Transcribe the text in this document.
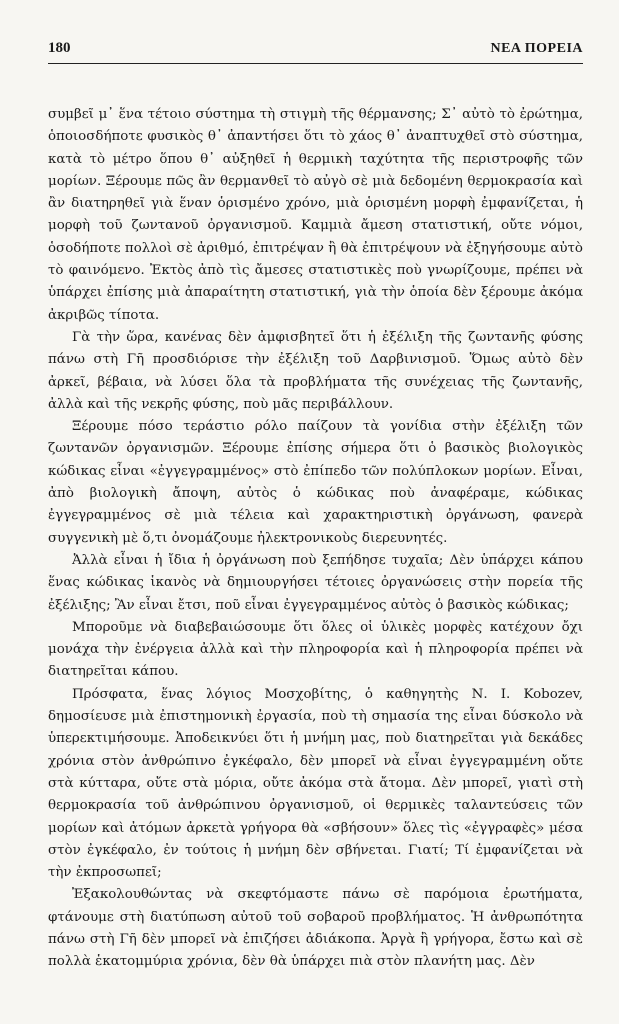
180	ΝΕΑ ΠΟΡΕΙΑ

συμβεῖ μ᾽ ἕνα τέτοιο σύστημα τὴ στιγμὴ τῆς θέρμανσης; Σ᾽ αὐτὸ τὸ ἐρώτημα, ὁποιοσδήποτε φυσικὸς θ᾽ ἀπαντήσει ὅτι τὸ χάος θ᾽ ἀναπτυχθεῖ στὸ σύστημα, κατὰ τὸ μέτρο ὅπου θ᾽ αὐξηθεῖ ἡ θερμικὴ ταχύτητα τῆς περιστροφῆς τῶν μορίων. Ξέρουμε πῶς ἂν θερμανθεῖ τὸ αὐγὸ σὲ μιὰ δεδομένη θερμοκρασία καὶ ἂν διατηρηθεῖ γιὰ ἕναν ὁρισμένο χρόνο, μιὰ ὁρισμένη μορφὴ ἐμφανίζεται, ἡ μορφὴ τοῦ ζωντανοῦ ὀργανισμοῦ. Καμμιὰ ἄμεση στατιστική, οὔτε νόμοι, ὁσοδήποτε πολλοὶ σὲ ἀριθμό, ἐπιτρέψαν ἢ θὰ ἐπιτρέψουν νὰ ἐξηγήσουμε αὐτὸ τὸ φαινόμενο. Ἐκτὸς ἀπὸ τὶς ἄμεσες στατιστικὲς ποὺ γνωρίζουμε, πρέπει νὰ ὑπάρχει ἐπίσης μιὰ ἀπαραίτητη στατιστική, γιὰ τὴν ὁποία δὲν ξέρουμε ἀκόμα ἀκριβῶς τίποτα.

Γὰ τὴν ὥρα, κανένας δὲν ἀμφισβητεῖ ὅτι ἡ ἐξέλιξη τῆς ζωντανῆς φύσης πάνω στὴ Γῆ προσδιόρισε τὴν ἐξέλιξη τοῦ Δαρβινισμοῦ. Ὅμως αὐτὸ δὲν ἀρκεῖ, βέβαια, νὰ λύσει ὅλα τὰ προβλήματα τῆς συνέχειας τῆς ζωντανῆς, ἀλλὰ καὶ τῆς νεκρῆς φύσης, ποὺ μᾶς περιβάλλουν.

Ξέρουμε πόσο τεράστιο ρόλο παίζουν τὰ γονίδια στὴν ἐξέλιξη τῶν ζωντανῶν ὀργανισμῶν. Ξέρουμε ἐπίσης σήμερα ὅτι ὁ βασικὸς βιολογικὸς κώδικας εἶναι «ἐγγεγραμμένος» στὸ ἐπίπεδο τῶν πολύπλοκων μορίων. Εἶναι, ἀπὸ βιολογικὴ ἄποψη, αὐτὸς ὁ κώδικας ποὺ ἀναφέραμε, κώδικας ἐγγεγραμμένος σὲ μιὰ τέλεια καὶ χαρακτηριστικὴ ὀργάνωση, φανερὰ συγγενικὴ μὲ ὅ,τι ὀνομάζουμε ἠλεκτρονικοὺς διερευνητές.

Ἀλλὰ εἶναι ἡ ἴδια ἡ ὀργάνωση ποὺ ξεπήδησε τυχαῖα; Δὲν ὑπάρχει κάπου ἕνας κώδικας ἱκανὸς νὰ δημιουργήσει τέτοιες ὀργανώσεις στὴν πορεία τῆς ἐξέλιξης; Ἂν εἶναι ἔτσι, ποῦ εἶναι ἐγγεγραμμένος αὐτὸς ὁ βασικὸς κώδικας;

Μποροῦμε νὰ διαβεβαιώσουμε ὅτι ὅλες οἱ ὑλικὲς μορφὲς κατέχουν ὄχι μονάχα τὴν ἐνέργεια ἀλλὰ καὶ τὴν πληροφορία καὶ ἡ πληροφορία πρέπει νὰ διατηρεῖται κάπου.

Πρόσφατα, ἕνας λόγιος Μοσχοβίτης, ὁ καθηγητὴς Ν. Ι. Kobozev, δημοσίευσε μιὰ ἐπιστημονικὴ ἐργασία, ποὺ τὴ σημασία της εἶναι δύσκολο νὰ ὑπερεκτιμήσουμε. Ἀποδεικνύει ὅτι ἡ μνήμη μας, ποὺ διατηρεῖται γιὰ δεκάδες χρόνια στὸν ἀνθρώπινο ἐγκέφαλο, δὲν μπορεῖ νὰ εἶναι ἐγγεγραμμένη οὔτε στὰ κύτταρα, οὔτε στὰ μόρια, οὔτε ἀκόμα στὰ ἄτομα. Δὲν μπορεῖ, γιατὶ στὴ θερμοκρασία τοῦ ἀνθρώπινου ὀργανισμοῦ, οἱ θερμικὲς ταλαντεύσεις τῶν μορίων καὶ ἀτόμων ἀρκετὰ γρήγορα θὰ «σβήσουν» ὅλες τὶς «ἐγγραφὲς» μέσα στὸν ἐγκέφαλο, ἐν τούτοις ἡ μνήμη δὲν σβήνεται. Γιατί; Τί ἐμφανίζεται νὰ τὴν ἐκπροσωπεῖ;

Ἐξακολουθώντας νὰ σκεφτόμαστε πάνω σὲ παρόμοια ἐρωτήματα, φτάνουμε στὴ διατύπωση αὐτοῦ τοῦ σοβαροῦ προβλήματος. Ἡ ἀνθρωπότητα πάνω στὴ Γῆ δὲν μπορεῖ νὰ ἐπιζήσει ἀδιάκοπα. Ἀργὰ ἢ γρήγορα, ἔστω καὶ σὲ πολλὰ ἑκατομμύρια χρόνια, δὲν θὰ ὑπάρχει πιὰ στὸν πλανήτη μας. Δὲν
